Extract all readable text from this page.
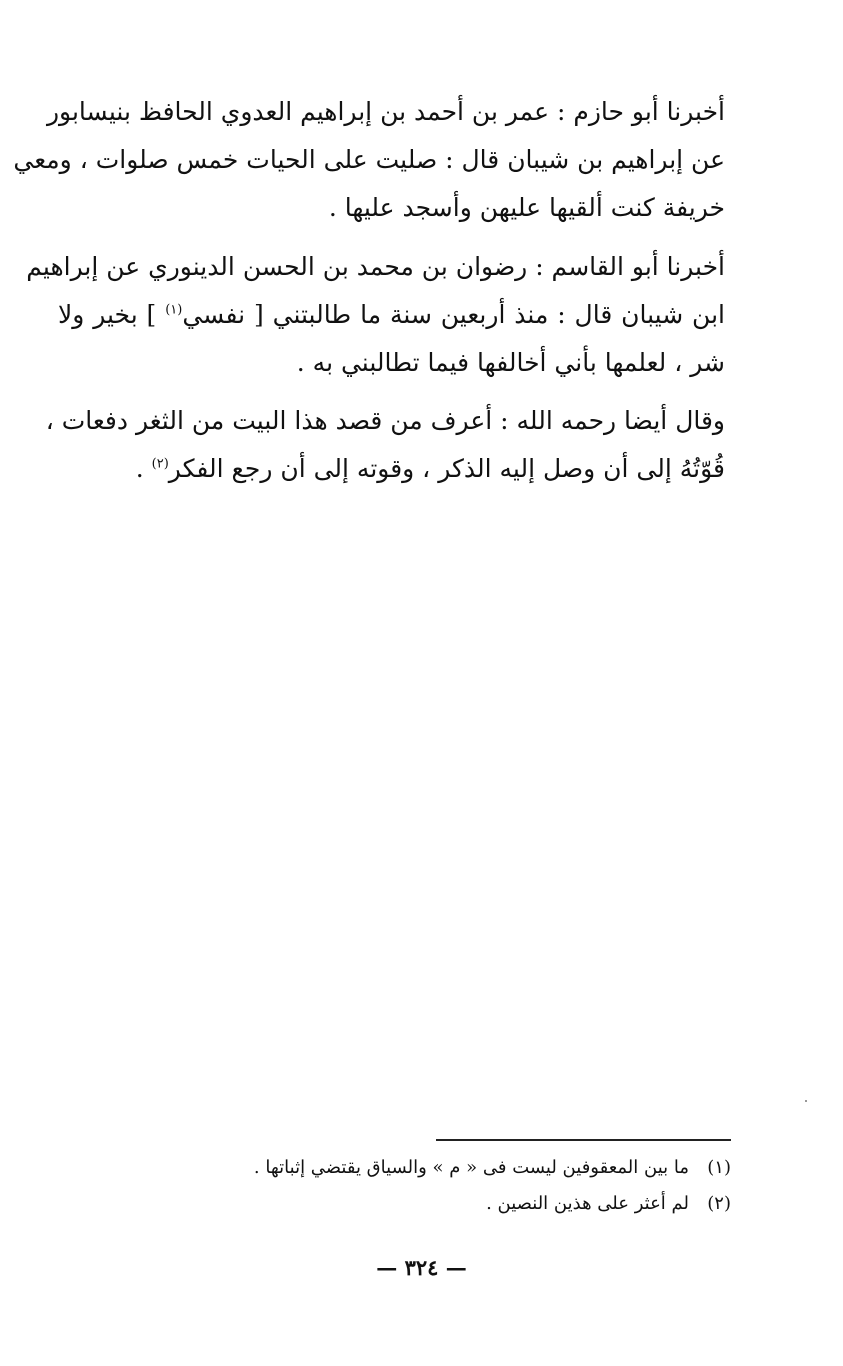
أخبرنا أبو حازم : عمر بن أحمد بن إبراهيم العدوي الحافظ بنيسابور
عن إبراهيم بن شيبان قال : صليت على الحيات خمس صلوات ، ومعي
خريفة كنت ألقيها عليهن وأسجد عليها .
أخبرنا أبو القاسم : رضوان بن محمد بن الحسن الدينوري عن إبراهيم
ابن شيبان قال : منذ أربعين سنة ما طالبتني [ نفسي$^{(١)}$ ] بخير ولا
شر ، لعلمها بأني أخالفها فيما تطالبني به .
وقال أيضا رحمه الله : أعرف من قصد هذا البيت من الثغر دفعات ،
قُوّتُهُ إلى أن وصل إليه الذكر ، وقوته إلى أن رجع الفكر$^{(٢)}$ .
(١)ما بين المعقوفين ليست فى « م » والسياق يقتضي إثباتها .
(٢)لم أعثر على هذين النصين .
— ٣٢٤ —
